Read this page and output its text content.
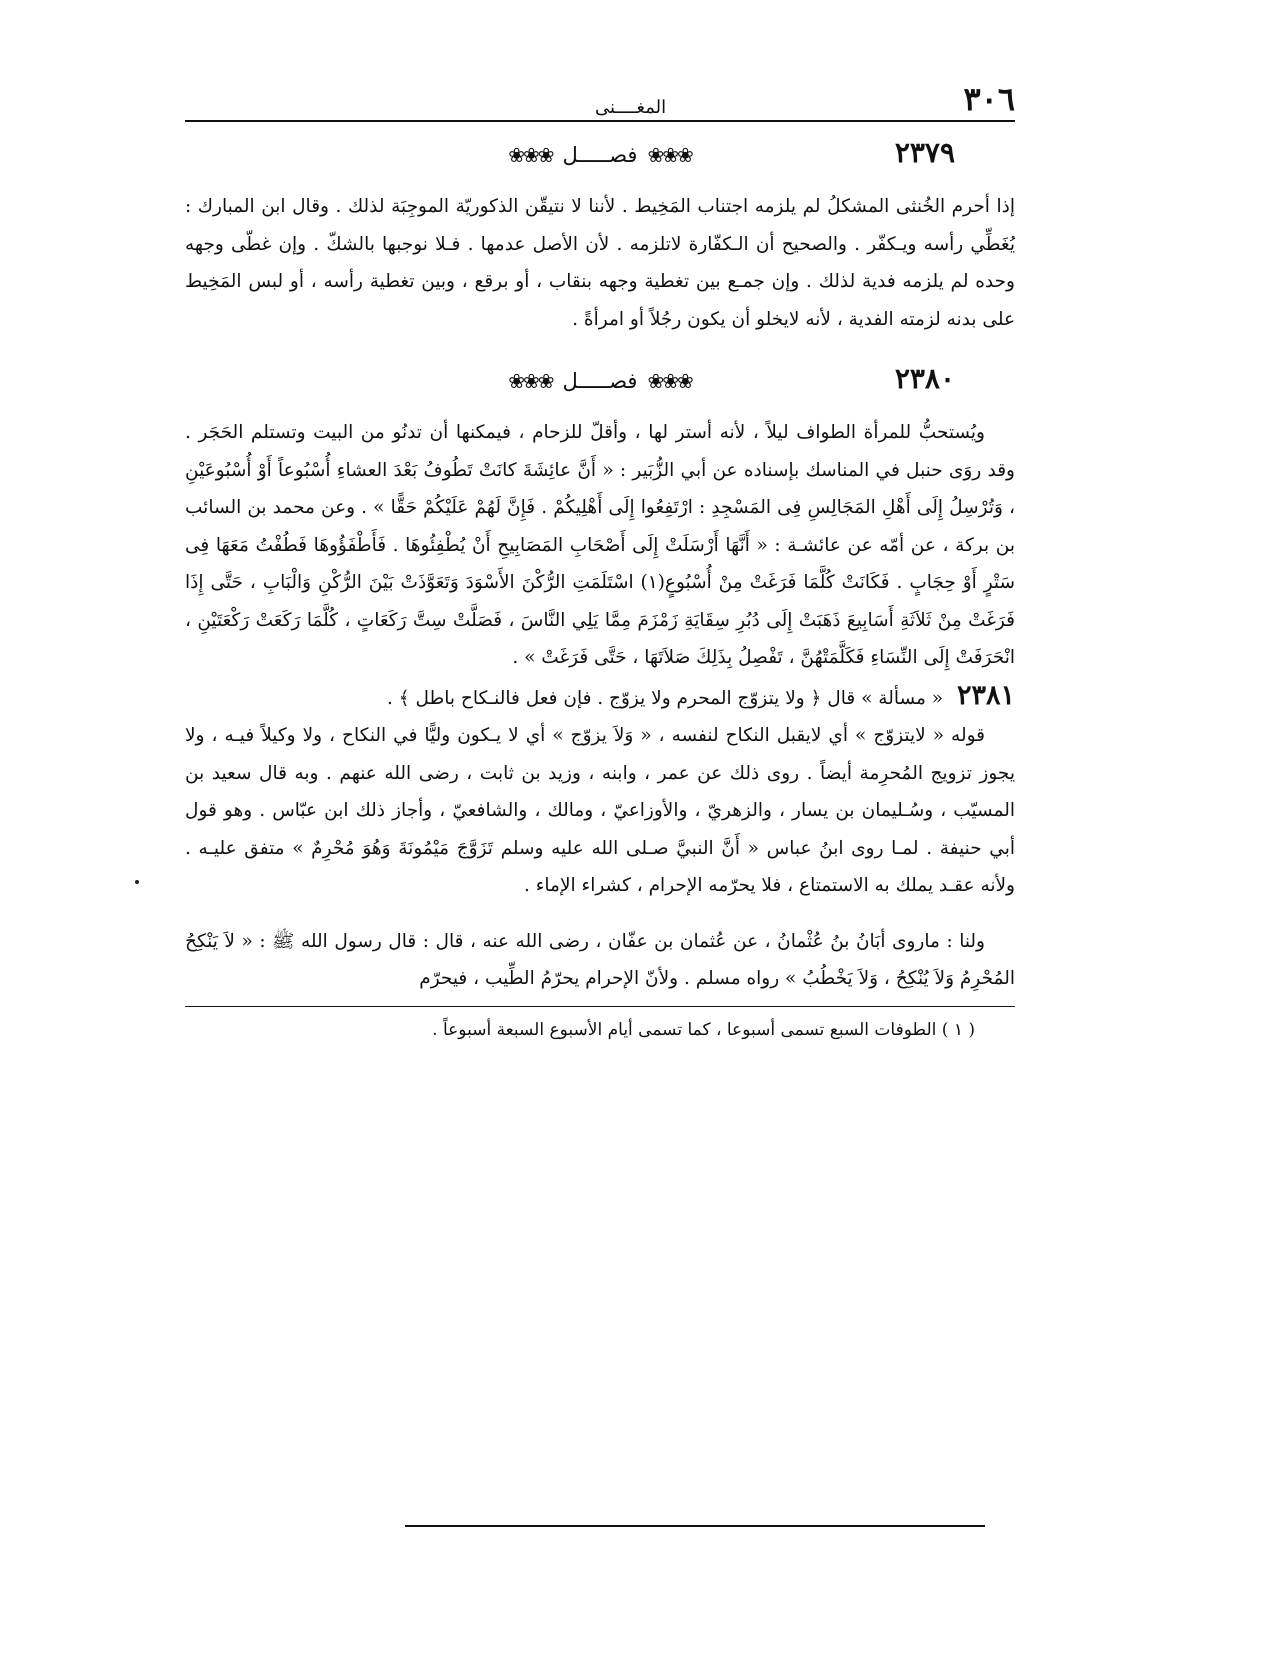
٣٠٦
المغــــنى
٢٣٧٩
❀❀❀
فصـــــل
❀❀❀

إذا أحرم الخُنثى المشكلُ لم يلزمه اجتناب المَخِيط . لأننا لا نتيقّن الذكوريّة الموجِبَة لذلك . وقال ابن المبارك : يُغَطِّي رأسه ويـكفّر . والصحيح أن الـكفّارة لاتلزمه . لأن الأصل عدمها . فـلا نوجبها بالشكّ . وإن غطّى وجهه وحده لم يلزمه فدية لذلك . وإن جمـع بين تغطية وجهه بنقاب ، أو برقع ، وبين تغطية رأسه ، أو لبس المَخِيط على بدنه لزمته الفدية ، لأنه لايخلو أن يكون رجُلاً أو امرأةً .

٢٣٨٠
❀❀❀
فصـــــل
❀❀❀

ويُستحبُّ للمرأة الطواف ليلاً ، لأنه أستر لها ، وأقلّ للزحام ، فيمكنها أن تدنُو من البيت وتستلم الحَجَر . وقد روَى حنبل في المناسك بإسناده عن أبي الزُّبَير : « أَنَّ عائِشَةَ كانَتْ تَطُوفُ بَعْدَ العشاءِ أُسْبُوعاً أَوْ أُسْبُوعَيْنِ ، وَتُرْسِلُ إِلَى أَهْلِ المَجَالِسِ فِى المَسْجِدِ : ارْتَفِعُوا إِلَى أَهْلِيكُمْ . فَإِنَّ لَهُمْ عَلَيْكُمْ حَقًّا » . وعن محمد بن السائب بن بركة ، عن أمّه عن عائشـة : « أَنَّهَا أَرْسَلَتْ إِلَى أَصْحَابِ المَصَابِيحِ أَنْ يُطْفِئُوهَا . فَأَطْفَؤُوهَا فَطُفْتُ مَعَهَا فِى سَتْرٍ أَوْ حِجَابٍ . فَكَانَتْ كُلَّمَا فَرَغَتْ مِنْ أُسْبُوعٍ(١) اسْتَلَمَتِ الرُّكْنَ الأَسْوَدَ وَتَعَوَّذَتْ بَيْنَ الرُّكْنِ وَالْبَابِ ، حَتَّى إِذَا فَرَغَتْ مِنْ ثَلاَثَةِ أَسَابِيعَ ذَهَبَتْ إِلَى دُبُرِ سِقَايَةِ زَمْزَمَ مِمَّا يَلِي النَّاسَ ، فَصَلَّتْ سِتَّ رَكَعَاتٍ ، كُلَّمَا رَكَعَتْ رَكْعَتَيْنِ ، انْحَرَفَتْ إِلَى النِّسَاءِ فَكَلَّمَتْهُنَّ ، تَفْصِلُ بِذَلِكَ صَلاَتَهَا ، حَتَّى فَرَغَتْ » .

٢٣٨١ « مسألة » قال ﴿ ولا يتزوّج المحرم ولا يزوّج . فإن فعل فالنـكاح باطل ﴾ .

قوله « لايتزوّج » أي لايقبل النكاح لنفسه ، « وَلاَ يزوّج » أي لا يـكون وليًّا في النكاح ، ولا وكيلاً فيـه ، ولا يجوز تزويج المُحرِمة أيضاً . روى ذلك عن عمر ، وابنه ، وزيد بن ثابت ، رضى الله عنهم . وبه قال سعيد بن المسيّب ، وسُـليمان بن يسار ، والزهريّ ، والأوزاعيّ ، ومالك ، والشافعيّ ، وأجاز ذلك ابن عبّاس . وهو قول أبي حنيفة . لمـا روى ابنُ عباس « أَنَّ النبيَّ صـلى الله عليه وسلم تَزَوَّجَ مَيْمُونَةَ وَهُوَ مُحْرِمٌ » متفق عليـه . ولأنه عقـد يملك به الاستمتاع ، فلا يحرّمه الإحرام ، كشراء الإماء .

ولنا : ماروى أبَانُ بنُ عُثْمانُ ، عن عُثمان بن عفّان ، رضى الله عنه ، قال : قال رسول الله ﷺ : « لاَ يَنْكِحُ المُحْرِمُ وَلاَ يُنْكِحُ ، وَلاَ يَخْطُبُ » رواه مسلم . ولأنّ الإحرام يحرّمُ الطِّيب ، فيحرّم

( ١ ) الطوفات السبع تسمى أسبوعا ، كما تسمى أيام الأسبوع السبعة أسبوعاً .
